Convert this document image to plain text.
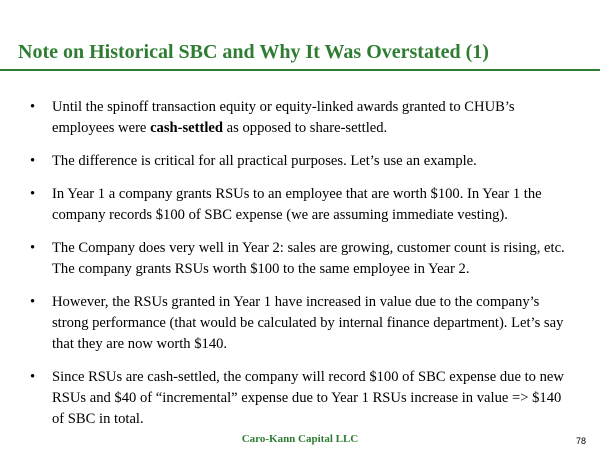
Note on Historical SBC and Why It Was Overstated (1)
• Until the spinoff transaction equity or equity-linked awards granted to CHUB’s employees were cash-settled as opposed to share-settled.
• The difference is critical for all practical purposes. Let’s use an example.
• In Year 1 a company grants RSUs to an employee that are worth $100. In Year 1 the company records $100 of SBC expense (we are assuming immediate vesting).
• The Company does very well in Year 2: sales are growing, customer count is rising, etc. The company grants RSUs worth $100 to the same employee in Year 2.
• However, the RSUs granted in Year 1 have increased in value due to the company’s strong performance (that would be calculated by internal finance department). Let’s say that they are now worth $140.
• Since RSUs are cash-settled, the company will record $100 of SBC expense due to new RSUs and $40 of “incremental” expense due to Year 1 RSUs increase in value => $140 of SBC in total.
Caro-Kann Capital LLC	78
